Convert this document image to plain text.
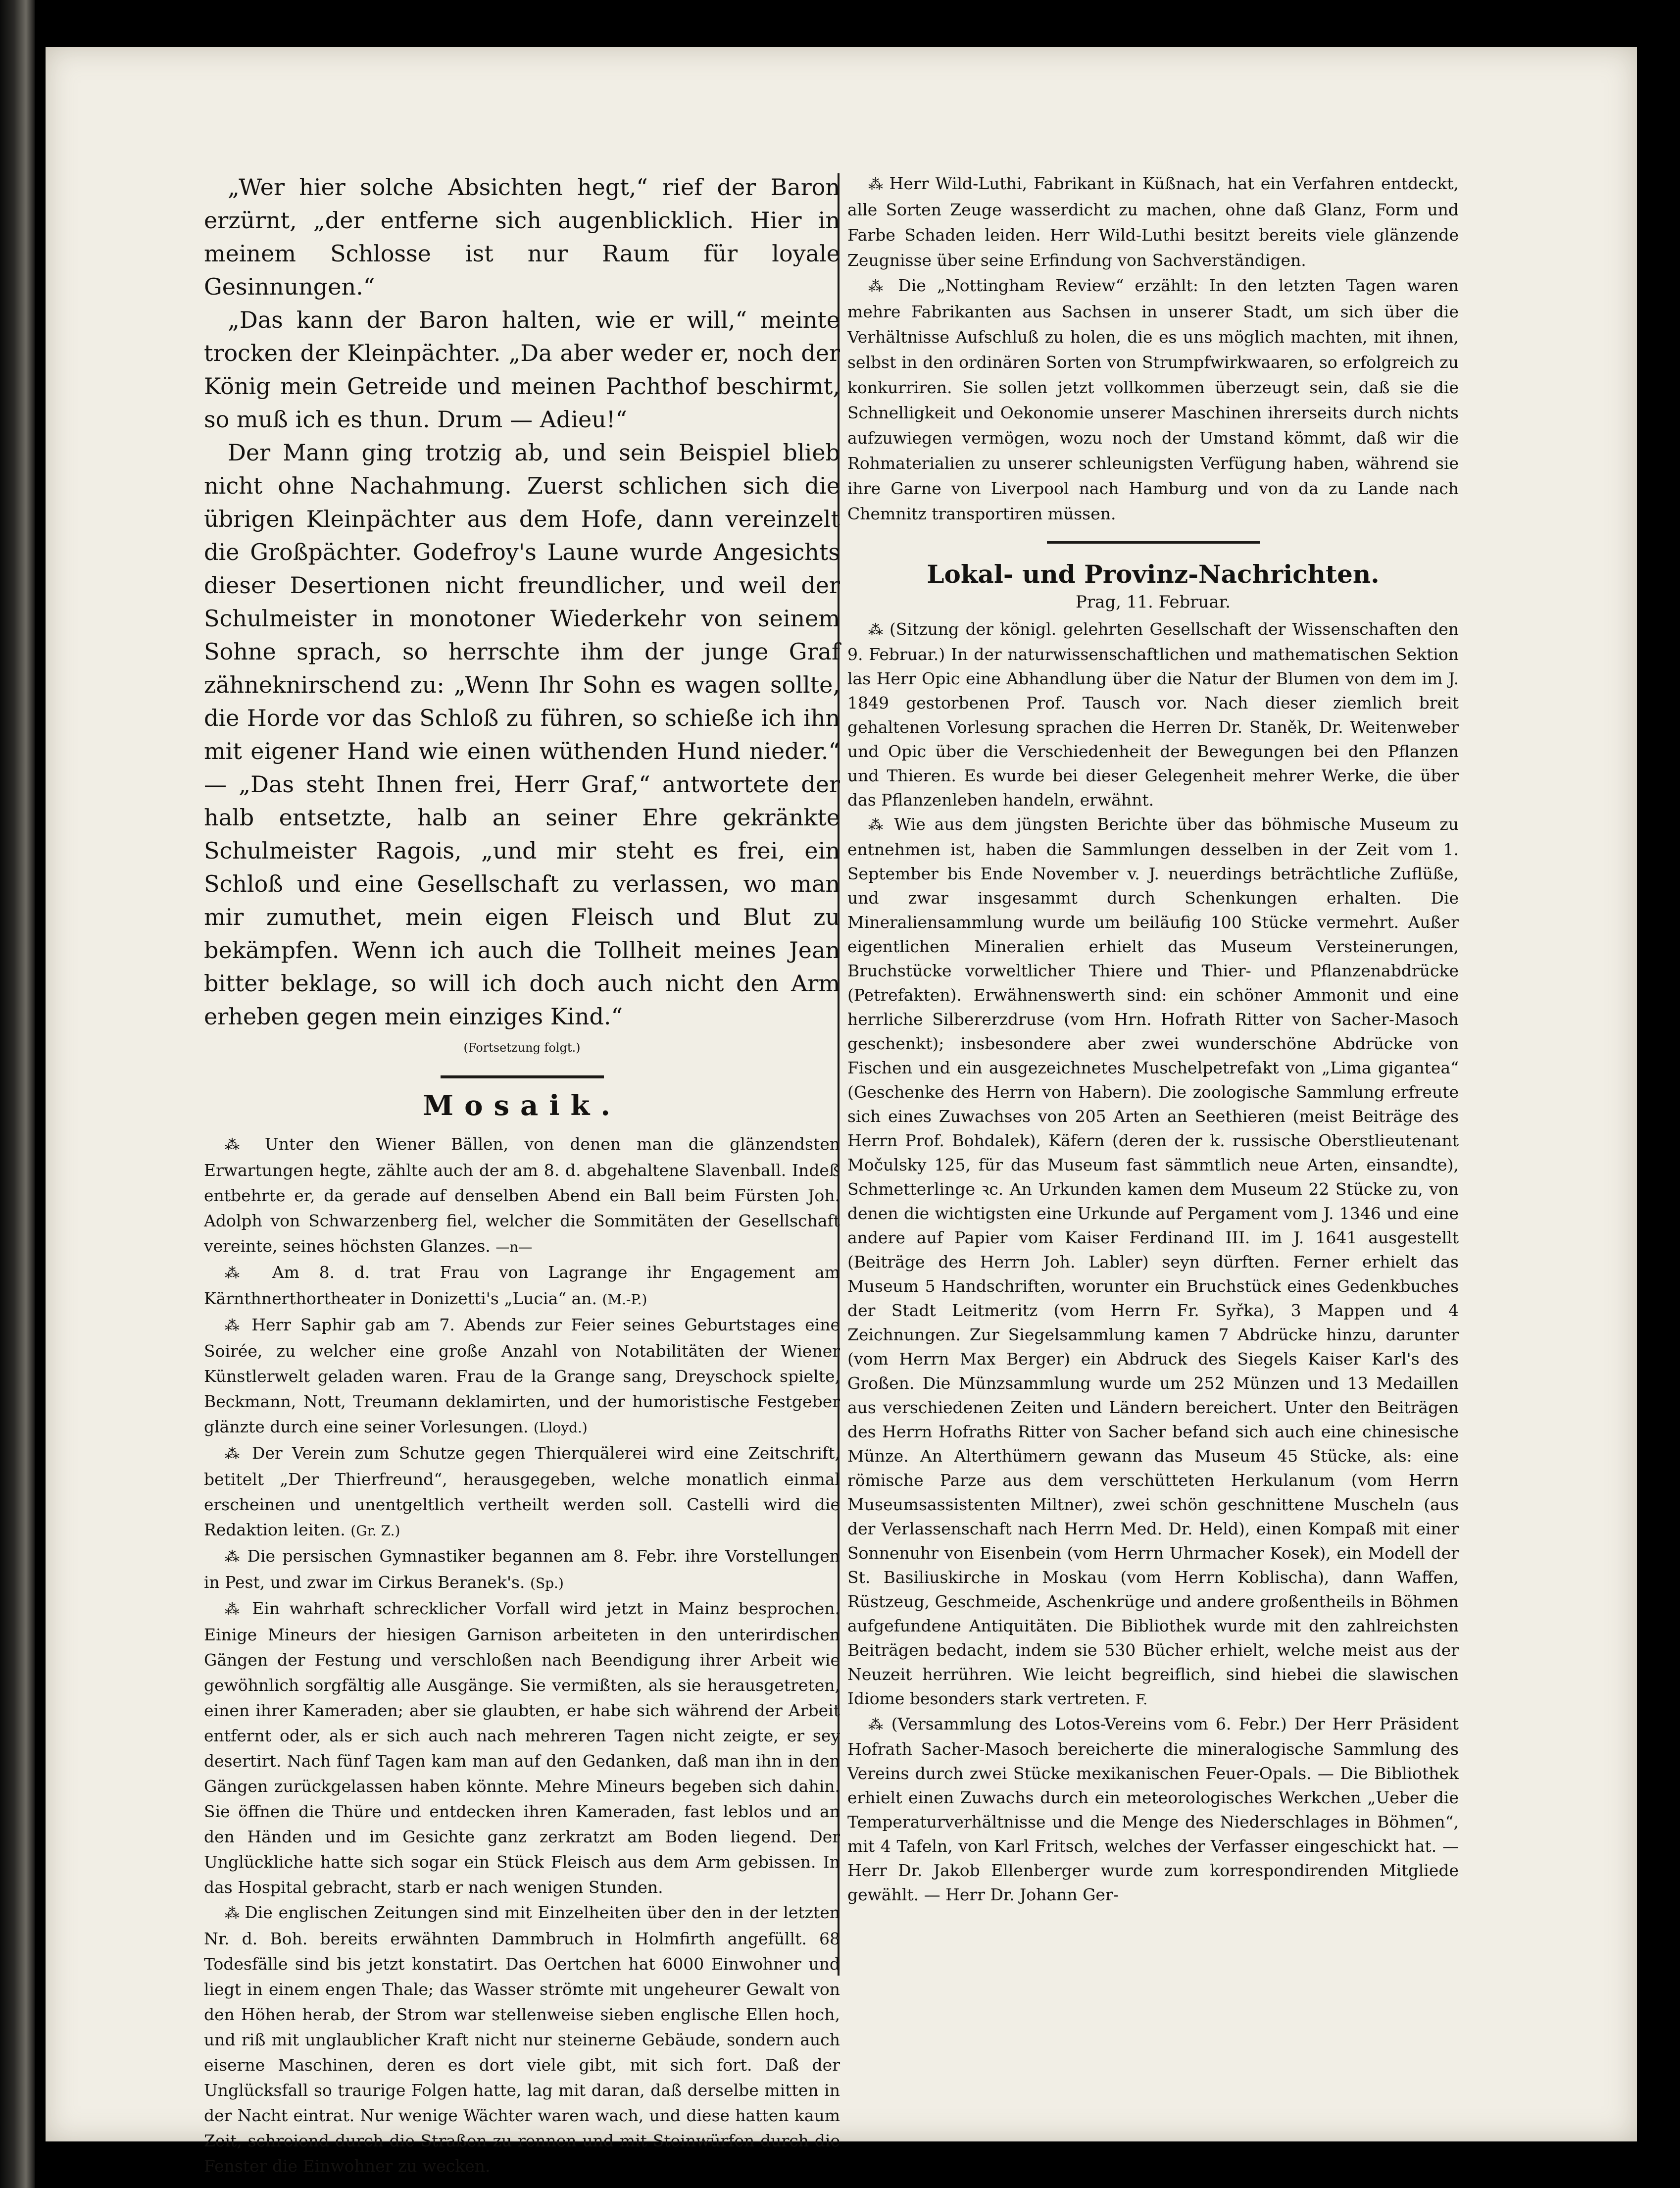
„Wer hier solche Absichten hegt,“ rief der Baron erzürnt, „der entferne sich augenblicklich. Hier in meinem Schlosse ist nur Raum für loyale Gesinnungen.“

„Das kann der Baron halten, wie er will,“ meinte trocken der Kleinpächter. „Da aber weder er, noch der König mein Getreide und meinen Pachthof beschirmt, so muß ich es thun. Drum — Adieu!“

Der Mann ging trotzig ab, und sein Beispiel blieb nicht ohne Nachahmung. Zuerst schlichen sich die übrigen Kleinpächter aus dem Hofe, dann vereinzelt die Großpächter. Godefroy's Laune wurde Angesichts dieser Desertionen nicht freundlicher, und weil der Schulmeister in monotoner Wiederkehr von seinem Sohne sprach, so herrschte ihm der junge Graf zähneknirschend zu: „Wenn Ihr Sohn es wagen sollte, die Horde vor das Schloß zu führen, so schieße ich ihn mit eigener Hand wie einen wüthenden Hund nieder.“ — „Das steht Ihnen frei, Herr Graf,“ antwortete der halb entsetzte, halb an seiner Ehre gekränkte Schulmeister Ragois, „und mir steht es frei, ein Schloß und eine Gesellschaft zu verlassen, wo man mir zumuthet, mein eigen Fleisch und Blut zu bekämpfen. Wenn ich auch die Tollheit meines Jean bitter beklage, so will ich doch auch nicht den Arm erheben gegen mein einziges Kind.“

(Fortsetzung folgt.)
Mosaik.

⁂ Unter den Wiener Bällen, von denen man die glänzendsten Erwartungen hegte, zählte auch der am 8. d. abgehaltene Slavenball. Indeß entbehrte er, da gerade auf denselben Abend ein Ball beim Fürsten Joh. Adolph von Schwarzenberg fiel, welcher die Sommitäten der Gesellschaft vereinte, seines höchsten Glanzes. —n—

⁂ Am 8. d. trat Frau von Lagrange ihr Engagement am Kärnthnerthortheater in Donizetti's „Lucia“ an. (M.-P.)

⁂ Herr Saphir gab am 7. Abends zur Feier seines Geburtstages eine Soirée, zu welcher eine große Anzahl von Notabilitäten der Wiener Künstlerwelt geladen waren. Frau de la Grange sang, Dreyschock spielte, Beckmann, Nott, Treumann deklamirten, und der humoristische Festgeber glänzte durch eine seiner Vorlesungen. (Lloyd.)

⁂ Der Verein zum Schutze gegen Thierquälerei wird eine Zeitschrift, betitelt „Der Thierfreund“, herausgegeben, welche monatlich einmal erscheinen und unentgeltlich vertheilt werden soll. Castelli wird die Redaktion leiten. (Gr. Z.)

⁂ Die persischen Gymnastiker begannen am 8. Febr. ihre Vorstellungen in Pest, und zwar im Cirkus Beranek's. (Sp.)

⁂ Ein wahrhaft schrecklicher Vorfall wird jetzt in Mainz besprochen. Einige Mineurs der hiesigen Garnison arbeiteten in den unterirdischen Gängen der Festung und verschloßen nach Beendigung ihrer Arbeit wie gewöhnlich sorgfältig alle Ausgänge. Sie vermißten, als sie herausgetreten, einen ihrer Kameraden; aber sie glaubten, er habe sich während der Arbeit entfernt oder, als er sich auch nach mehreren Tagen nicht zeigte, er sey desertirt. Nach fünf Tagen kam man auf den Gedanken, daß man ihn in den Gängen zurückgelassen haben könnte. Mehre Mineurs begeben sich dahin. Sie öffnen die Thüre und entdecken ihren Kameraden, fast leblos und an den Händen und im Gesichte ganz zerkratzt am Boden liegend. Der Unglückliche hatte sich sogar ein Stück Fleisch aus dem Arm gebissen. In das Hospital gebracht, starb er nach wenigen Stunden.

⁂ Die englischen Zeitungen sind mit Einzelheiten über den in der letzten Nr. d. Boh. bereits erwähnten Dammbruch in Holmfirth angefüllt. 68 Todesfälle sind bis jetzt konstatirt. Das Oertchen hat 6000 Einwohner und liegt in einem engen Thale; das Wasser strömte mit ungeheurer Gewalt von den Höhen herab, der Strom war stellenweise sieben englische Ellen hoch, und riß mit unglaublicher Kraft nicht nur steinerne Gebäude, sondern auch eiserne Maschinen, deren es dort viele gibt, mit sich fort. Daß der Unglücksfall so traurige Folgen hatte, lag mit daran, daß derselbe mitten in der Nacht eintrat. Nur wenige Wächter waren wach, und diese hatten kaum Zeit, schreiend durch die Straßen zu rennen und mit Steinwürfen durch die Fenster die Einwohner zu wecken.

⁂ Herr Wild-Luthi, Fabrikant in Küßnach, hat ein Verfahren entdeckt, alle Sorten Zeuge wasserdicht zu machen, ohne daß Glanz, Form und Farbe Schaden leiden. Herr Wild-Luthi besitzt bereits viele glänzende Zeugnisse über seine Erfindung von Sachverständigen.

⁂ Die „Nottingham Review“ erzählt: In den letzten Tagen waren mehre Fabrikanten aus Sachsen in unserer Stadt, um sich über die Verhältnisse Aufschluß zu holen, die es uns möglich machten, mit ihnen, selbst in den ordinären Sorten von Strumpfwirkwaaren, so erfolgreich zu konkurriren. Sie sollen jetzt vollkommen überzeugt sein, daß sie die Schnelligkeit und Oekonomie unserer Maschinen ihrerseits durch nichts aufzuwiegen vermögen, wozu noch der Umstand kömmt, daß wir die Rohmaterialien zu unserer schleunigsten Verfügung haben, während sie ihre Garne von Liverpool nach Hamburg und von da zu Lande nach Chemnitz transportiren müssen.

Lokal- und Provinz-Nachrichten.
Prag, 11. Februar.

⁂ (Sitzung der königl. gelehrten Gesellschaft der Wissenschaften den 9. Februar.) In der naturwissenschaftlichen und mathematischen Sektion las Herr Opic eine Abhandlung über die Natur der Blumen von dem im J. 1849 gestorbenen Prof. Tausch vor. Nach dieser ziemlich breit gehaltenen Vorlesung sprachen die Herren Dr. Staněk, Dr. Weitenweber und Opic über die Verschiedenheit der Bewegungen bei den Pflanzen und Thieren. Es wurde bei dieser Gelegenheit mehrer Werke, die über das Pflanzenleben handeln, erwähnt.

⁂ Wie aus dem jüngsten Berichte über das böhmische Museum zu entnehmen ist, haben die Sammlungen desselben in der Zeit vom 1. September bis Ende November v. J. neuerdings beträchtliche Zuflüße, und zwar insgesammt durch Schenkungen erhalten. Die Mineraliensammlung wurde um beiläufig 100 Stücke vermehrt. Außer eigentlichen Mineralien erhielt das Museum Versteinerungen, Bruchstücke vorweltlicher Thiere und Thier- und Pflanzenabdrücke (Petrefakten). Erwähnenswerth sind: ein schöner Ammonit und eine herrliche Silbererzdruse (vom Hrn. Hofrath Ritter von Sacher-Masoch geschenkt); insbesondere aber zwei wunderschöne Abdrücke von Fischen und ein ausgezeichnetes Muschelpetrefakt von „Lima gigantea“ (Geschenke des Herrn von Habern). Die zoologische Sammlung erfreute sich eines Zuwachses von 205 Arten an Seethieren (meist Beiträge des Herrn Prof. Bohdalek), Käfern (deren der k. russische Oberstlieutenant Močulsky 125, für das Museum fast sämmtlich neue Arten, einsandte), Schmetterlinge ꝛc. An Urkunden kamen dem Museum 22 Stücke zu, von denen die wichtigsten eine Urkunde auf Pergament vom J. 1346 und eine andere auf Papier vom Kaiser Ferdinand III. im J. 1641 ausgestellt (Beiträge des Herrn Joh. Labler) seyn dürften. Ferner erhielt das Museum 5 Handschriften, worunter ein Bruchstück eines Gedenkbuches der Stadt Leitmeritz (vom Herrn Fr. Syřka), 3 Mappen und 4 Zeichnungen. Zur Siegelsammlung kamen 7 Abdrücke hinzu, darunter (vom Herrn Max Berger) ein Abdruck des Siegels Kaiser Karl's des Großen. Die Münzsammlung wurde um 252 Münzen und 13 Medaillen aus verschiedenen Zeiten und Ländern bereichert. Unter den Beiträgen des Herrn Hofraths Ritter von Sacher befand sich auch eine chinesische Münze. An Alterthümern gewann das Museum 45 Stücke, als: eine römische Parze aus dem verschütteten Herkulanum (vom Herrn Museumsassistenten Miltner), zwei schön geschnittene Muscheln (aus der Verlassenschaft nach Herrn Med. Dr. Held), einen Kompaß mit einer Sonnenuhr von Eisenbein (vom Herrn Uhrmacher Kosek), ein Modell der St. Basiliuskirche in Moskau (vom Herrn Koblischa), dann Waffen, Rüstzeug, Geschmeide, Aschenkrüge und andere großentheils in Böhmen aufgefundene Antiquitäten. Die Bibliothek wurde mit den zahlreichsten Beiträgen bedacht, indem sie 530 Bücher erhielt, welche meist aus der Neuzeit herrühren. Wie leicht begreiflich, sind hiebei die slawischen Idiome besonders stark vertreten. F.

⁂ (Versammlung des Lotos-Vereins vom 6. Febr.) Der Herr Präsident Hofrath Sacher-Masoch bereicherte die mineralogische Sammlung des Vereins durch zwei Stücke mexikanischen Feuer-Opals. — Die Bibliothek erhielt einen Zuwachs durch ein meteorologisches Werkchen „Ueber die Temperaturverhältnisse und die Menge des Niederschlages in Böhmen“, mit 4 Tafeln, von Karl Fritsch, welches der Verfasser eingeschickt hat. — Herr Dr. Jakob Ellenberger wurde zum korrespondirenden Mitgliede gewählt. — Herr Dr. Johann Ger-
